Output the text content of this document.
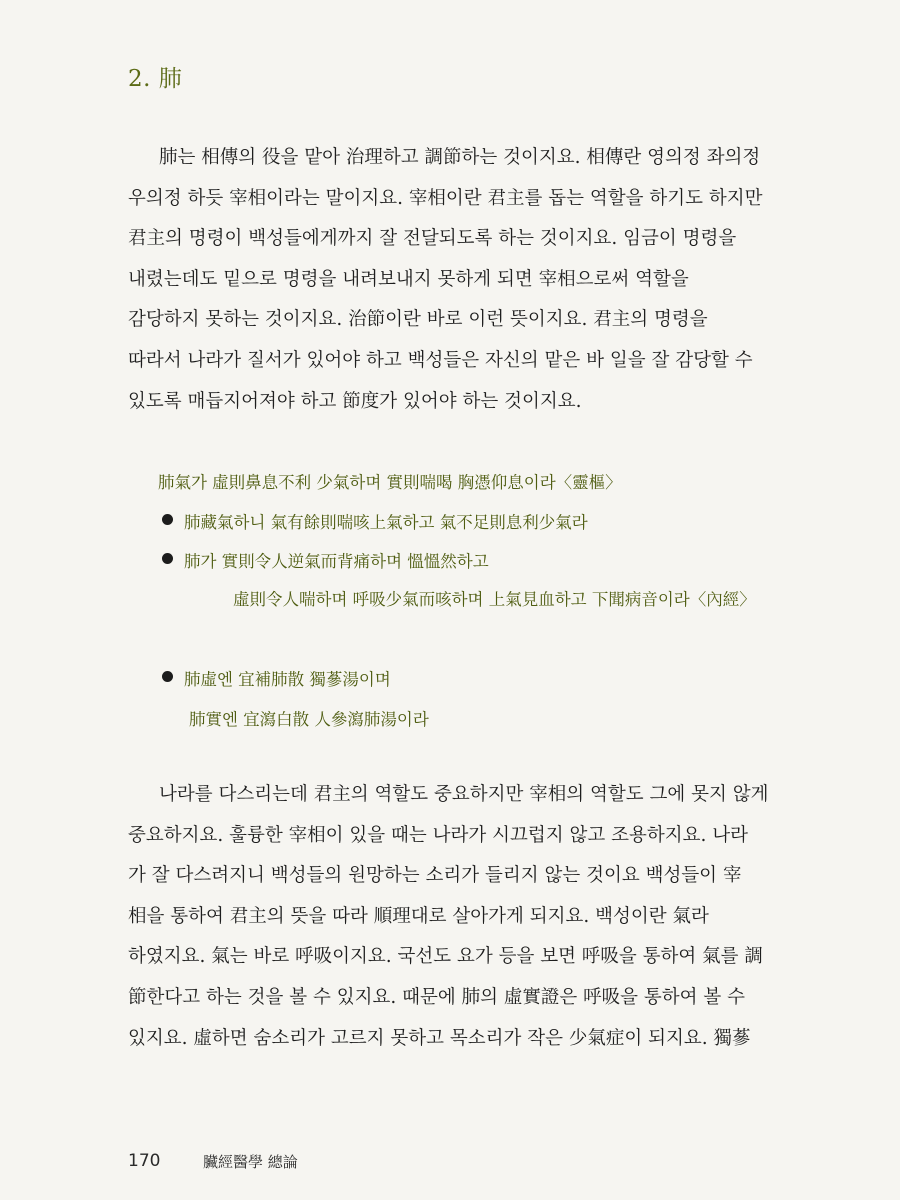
2. 肺
肺는 相傳의 役을 맡아 治理하고 調節하는 것이지요. 相傳란 영의정 좌의정
우의정 하듯 宰相이라는 말이지요. 宰相이란 君主를 돕는 역할을 하기도 하지만
君主의 명령이 백성들에게까지 잘 전달되도록 하는 것이지요. 임금이 명령을
내렸는데도 밑으로 명령을 내려보내지 못하게 되면 宰相으로써 역할을
감당하지 못하는 것이지요. 治節이란 바로 이런 뜻이지요. 君主의 명령을
따라서 나라가 질서가 있어야 하고 백성들은 자신의 맡은 바 일을 잘 감당할 수
있도록 매듭지어져야 하고 節度가 있어야 하는 것이지요.
肺氣가 虛則鼻息不利 少氣하며 實則喘喝 胸憑仰息이라〈靈樞〉
肺藏氣하니 氣有餘則喘咳上氣하고 氣不足則息利少氣라
肺가 實則令人逆氣而背痛하며 慍慍然하고
虛則令人喘하며 呼吸少氣而咳하며 上氣見血하고 下聞病音이라〈內經〉
肺虛엔 宜補肺散 獨蔘湯이며
肺實엔 宜瀉白散 人參瀉肺湯이라
나라를 다스리는데 君主의 역할도 중요하지만 宰相의 역할도 그에 못지 않게
중요하지요. 훌륭한 宰相이 있을 때는 나라가 시끄럽지 않고 조용하지요. 나라
가 잘 다스려지니 백성들의 원망하는 소리가 들리지 않는 것이요 백성들이 宰
相을 통하여 君主의 뜻을 따라 順理대로 살아가게 되지요. 백성이란 氣라
하였지요. 氣는 바로 呼吸이지요. 국선도 요가 등을 보면 呼吸을 통하여 氣를 調
節한다고 하는 것을 볼 수 있지요. 때문에 肺의 虛實證은 呼吸을 통하여 볼 수
있지요. 虛하면 숨소리가 고르지 못하고 목소리가 작은 少氣症이 되지요. 獨蔘
170	臟經醫學 總論
